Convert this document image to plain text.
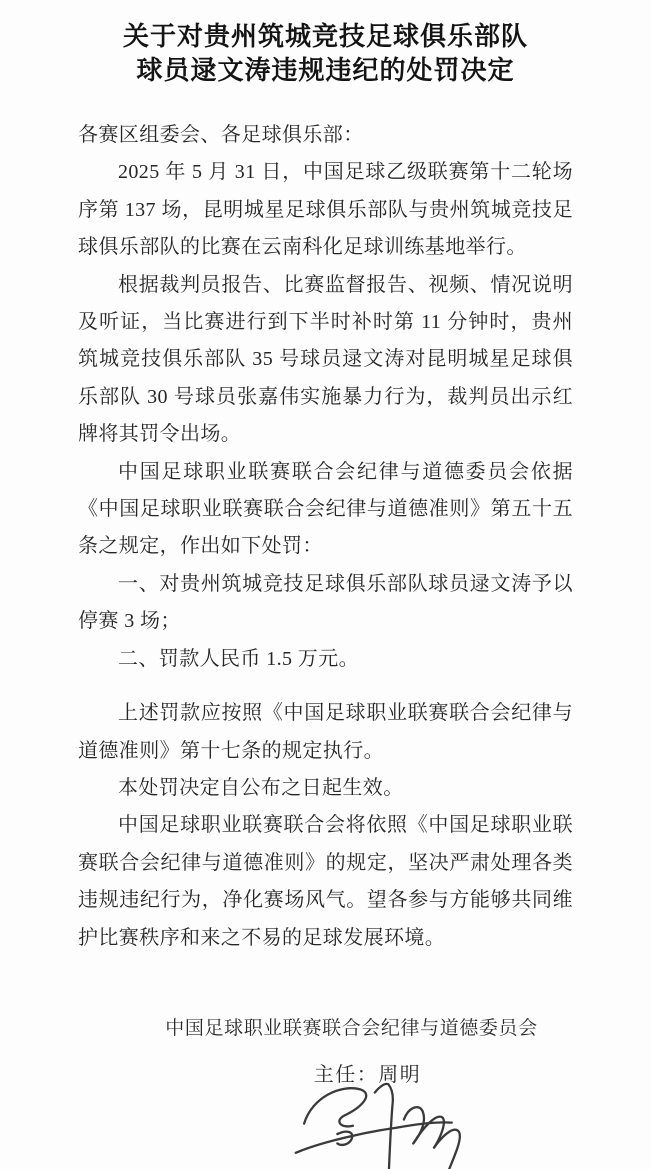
关于对贵州筑城竞技足球俱乐部队
球员逯文涛违规违纪的处罚决定

各赛区组委会、各足球俱乐部：

2025 年 5 月 31 日，中国足球乙级联赛第十二轮场序第 137 场，昆明城星足球俱乐部队与贵州筑城竞技足球俱乐部队的比赛在云南科化足球训练基地举行。

根据裁判员报告、比赛监督报告、视频、情况说明及听证，当比赛进行到下半时补时第 11 分钟时，贵州筑城竞技俱乐部队 35 号球员逯文涛对昆明城星足球俱乐部队 30 号球员张嘉伟实施暴力行为，裁判员出示红牌将其罚令出场。

中国足球职业联赛联合会纪律与道德委员会依据《中国足球职业联赛联合会纪律与道德准则》第五十五条之规定，作出如下处罚：

一、对贵州筑城竞技足球俱乐部队球员逯文涛予以停赛 3 场；

二、罚款人民币 1.5 万元。

上述罚款应按照《中国足球职业联赛联合会纪律与道德准则》第十七条的规定执行。

本处罚决定自公布之日起生效。

中国足球职业联赛联合会将依照《中国足球职业联赛联合会纪律与道德准则》的规定，坚决严肃处理各类违规违纪行为，净化赛场风气。望各参与方能够共同维护比赛秩序和来之不易的足球发展环境。

中国足球职业联赛联合会纪律与道德委员会
主任：周明
